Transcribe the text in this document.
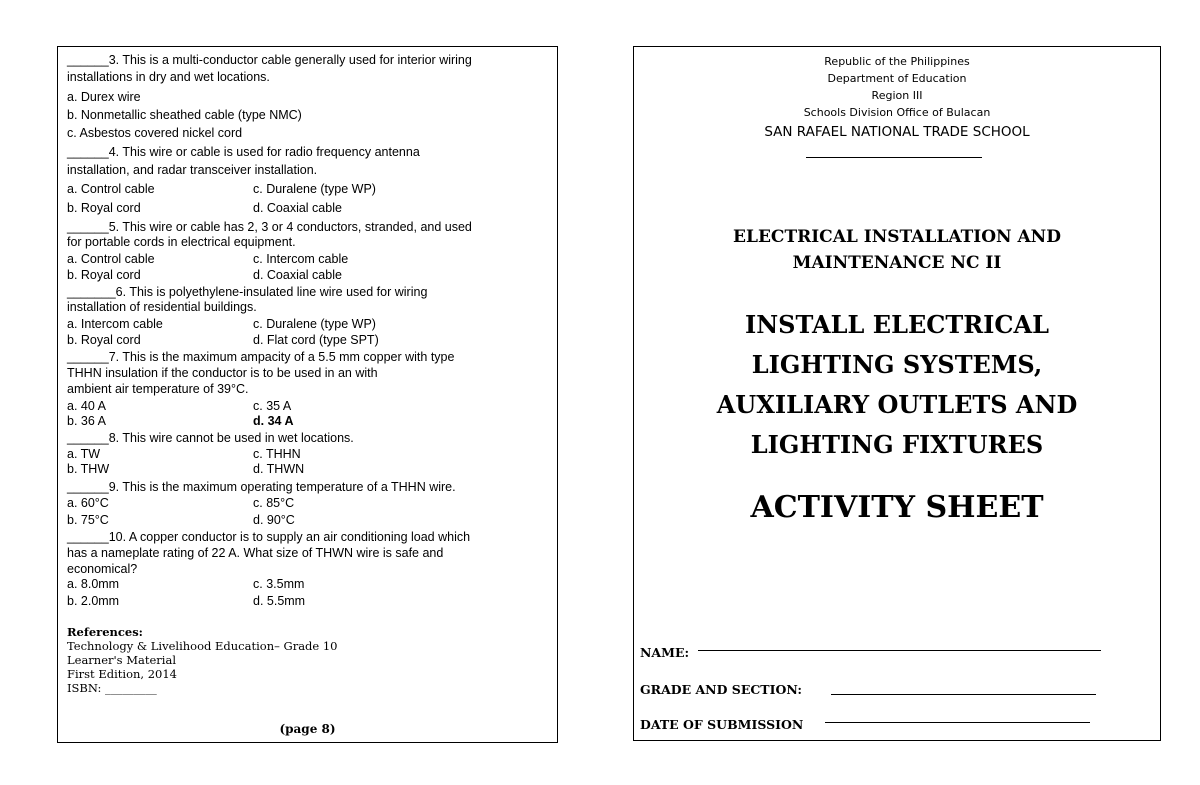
______3. This is a multi-conductor cable generally used for interior wiring
installations in dry and wet locations.
a. Durex wire
b. Nonmetallic sheathed cable (type NMC)
c. Asbestos covered nickel cord
______4. This wire or cable is used for radio frequency antenna
installation, and radar transceiver installation.
a. Control cable	c. Duralene (type WP)
b. Royal cord	d. Coaxial cable
______5. This wire or cable has 2, 3 or 4 conductors, stranded, and used
for portable cords in electrical equipment.
a. Control cable	c. Intercom cable
b. Royal cord	d. Coaxial cable
_______6. This is polyethylene-insulated line wire used for wiring
installation of residential buildings.
a. Intercom cable	c. Duralene (type WP)
b. Royal cord	d. Flat cord (type SPT)
______7. This is the maximum ampacity of a 5.5 mm copper with type
THHN insulation if the conductor is to be used in an with
ambient air temperature of 39°C.
a. 40 A	c. 35 A
b. 36 A	d. 34 A
______8. This wire cannot be used in wet locations.
a. TW	c. THHN
b. THW	d. THWN
______9. This is the maximum operating temperature of a THHN wire.
a. 60°C	c. 85°C
b. 75°C	d. 90°C
______10. A copper conductor is to supply an air conditioning load which
has a nameplate rating of 22 A. What size of THWN wire is safe and
economical?
a. 8.0mm	c. 3.5mm
b. 2.0mm	d. 5.5mm
References:
Technology & Livelihood Education– Grade 10
Learner's Material
First Edition, 2014
ISBN: _________
(page 8)
Republic of the Philippines
Department of Education
Region III
Schools Division Office of Bulacan
SAN RAFAEL NATIONAL TRADE SCHOOL
ELECTRICAL INSTALLATION AND
MAINTENANCE NC II
INSTALL ELECTRICAL
LIGHTING SYSTEMS,
AUXILIARY OUTLETS AND
LIGHTING FIXTURES
ACTIVITY SHEET
NAME:
GRADE AND SECTION:
DATE OF SUBMISSION
